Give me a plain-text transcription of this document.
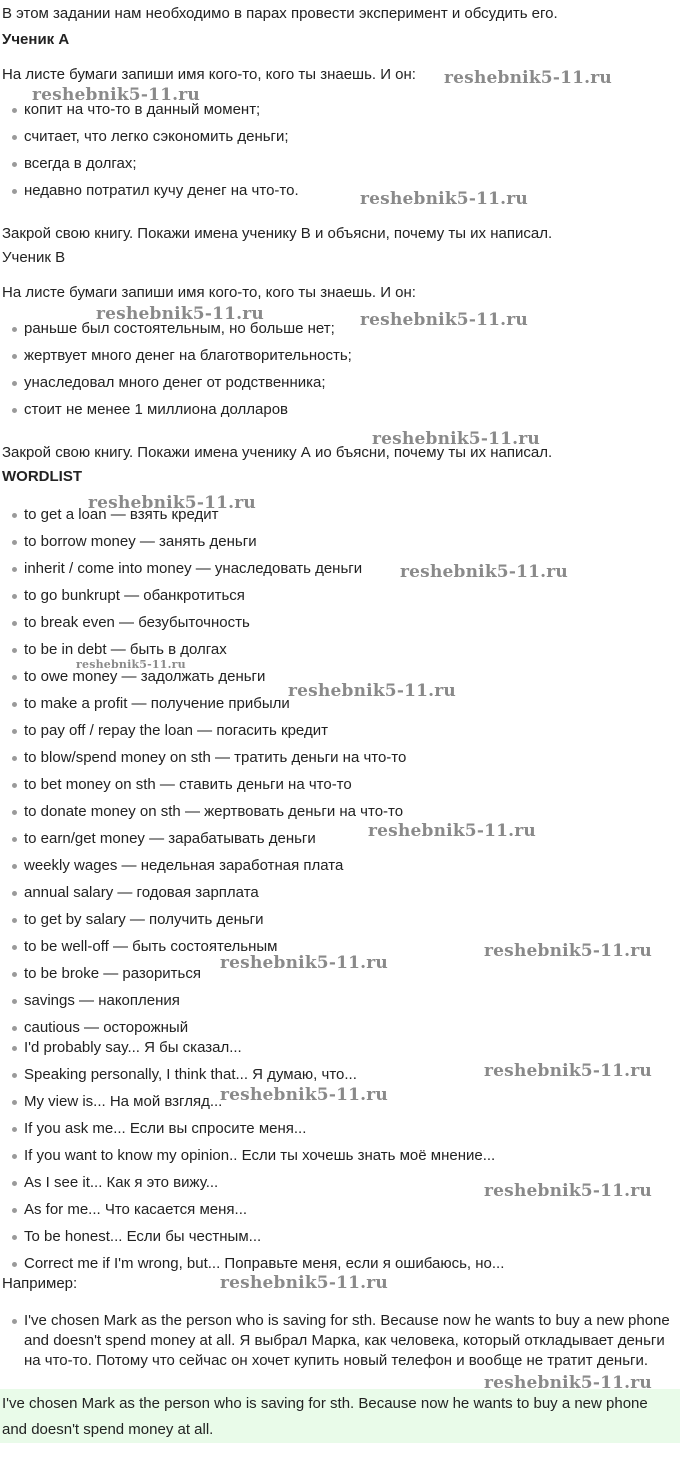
В этом задании нам необходимо в парах провести эксперимент и обсудить его.

Ученик А

На листе бумаги запиши имя кого-то, кого ты знаешь. И он:

копит на что-то в данный момент;
считает, что легко сэкономить деньги;
всегда в долгах;
недавно потратил кучу денег на что-то.

Закрой свою книгу. Покажи имена ученику В и объясни, почему ты их написал.

Ученик В

На листе бумаги запиши имя кого-то, кого ты знаешь. И он:

раньше был состоятельным, но больше нет;
жертвует много денег на благотворительность;
унаследовал много денег от родственника;
стоит не менее 1 миллиона долларов

Закрой свою книгу. Покажи имена ученику А ио бъясни, почему ты их написал.

WORDLIST

to get a loan — взять кредит
to borrow money — занять деньги
inherit / come into money — унаследовать деньги
to go bunkrupt — обанкротиться
to break even — безубыточность
to be in debt — быть в долгах
to owe money — задолжать деньги
to make a profit — получение прибыли
to pay off / repay the loan — погасить кредит
to blow/spend money on sth — тратить деньги на что-то
to bet money on sth — ставить деньги на что-то
to donate money on sth — жертвовать деньги на что-то
to earn/get money — зарабатывать деньги
weekly wages — недельная заработная плата
annual salary — годовая зарплата
to get by salary — получить деньги
to be well-off — быть состоятельным
to be broke — разориться
savings — накопления
cautious — осторожный
I'd probably say... Я бы сказал...
Speaking personally, I think that... Я думаю, что...
My view is... На мой взгляд...
If you ask me... Если вы спросите меня...
If you want to know my opinion.. Если ты хочешь знать моё мнение...
As I see it... Как я это вижу...
As for me... Что касается меня...
To be honest... Если бы честным...
Correct me if I'm wrong, but... Поправьте меня, если я ошибаюсь, но...

Например:

I've chosen Mark as the person who is saving for sth. Because now he wants to buy a new phone and doesn't spend money at all. Я выбрал Марка, как человека, который откладывает деньги на что-то. Потому что сейчас он хочет купить новый телефон и вообще не тратит деньги.
I've chosen Mark as the person who is saving for sth. Because now he wants to buy a new phone and doesn't spend money at all.
reshebnik5-11.ru
reshebnik5-11.ru
reshebnik5-11.ru
reshebnik5-11.ru	reshebnik5-11.ru
reshebnik5-11.ru
reshebnik5-11.ru
reshebnik5-11.ru
reshebnik5-11.ru
reshebnik5-11.ru
reshebnik5-11.ru
reshebnik5-11.ru
reshebnik5-11.ru
reshebnik5-11.ru
reshebnik5-11.ru
reshebnik5-11.ru
reshebnik5-11.ru
reshebnik5-11.ru
